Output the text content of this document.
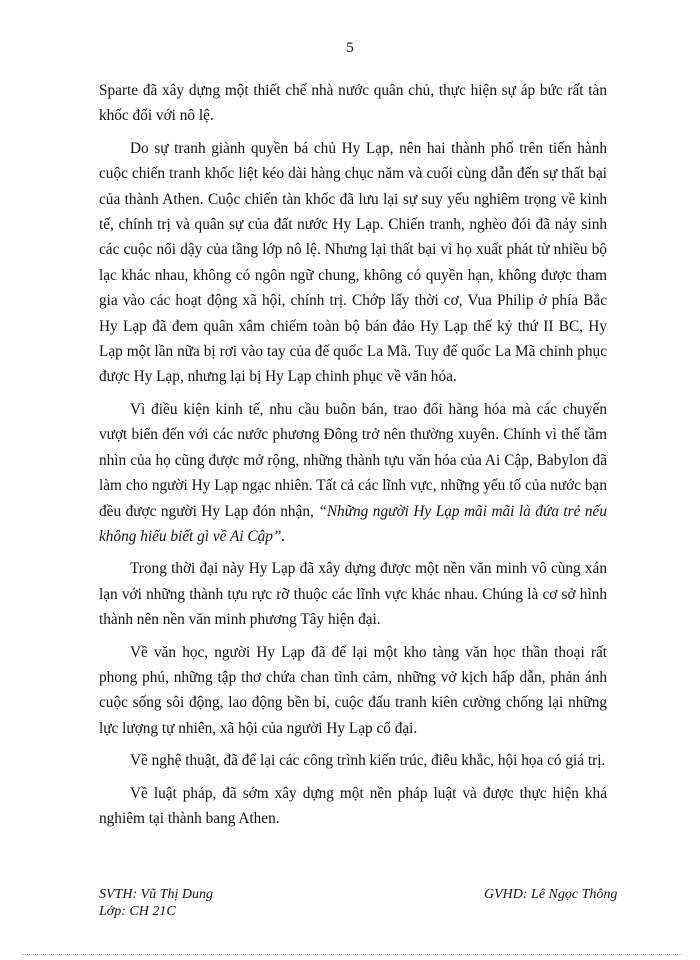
5

Sparte đã xây dựng một thiết chế nhà nước quân chủ, thực hiện sự áp bức rất tàn khốc đối với nô lệ.

Do sự tranh giành quyền bá chủ Hy Lạp, nên hai thành phố trên tiến hành cuộc chiến tranh khốc liệt kéo dài hàng chục năm và cuối cùng dẫn đến sự thất bại của thành Athen. Cuộc chiến tàn khốc đã lưu lại sự suy yếu nghiêm trọng về kinh tế, chính trị và quân sự của đất nước Hy Lạp. Chiến tranh, nghèo đói đã nảy sinh các cuộc nổi dậy của tầng lớp nô lệ. Nhưng lại thất bại vì họ xuất phát từ nhiều bộ lạc khác nhau, không có ngôn ngữ chung, không có quyền hạn, không được tham gia vào các hoạt động xã hội, chính trị. Chớp lấy thời cơ, Vua Philip ở phía Bắc Hy Lạp đã đem quân xâm chiếm toàn bộ bán đảo Hy Lạp thế kỷ thứ II BC, Hy Lạp một lần nữa bị rơi vào tay của đế quốc La Mã. Tuy đế quốc La Mã chinh phục được Hy Lạp, nhưng lại bị Hy Lạp chinh phục về văn hóa.

Vì điều kiện kinh tế, nhu cầu buôn bán, trao đổi hàng hóa mà các chuyến vượt biển đến với các nước phương Đông trở nên thường xuyên. Chính vì thế tầm nhìn của họ cũng được mở rộng, những thành tựu văn hóa của Ai Cập, Babylon đã làm cho người Hy Lạp ngạc nhiên. Tất cả các lĩnh vực, những yếu tố của nước bạn đều được người Hy Lạp đón nhận, “Những người Hy Lạp mãi mãi là đứa trẻ nếu không hiểu biết gì về Ai Cập”.

Trong thời đại này Hy Lạp đã xây dựng được một nền văn minh vô cùng xán lạn với những thành tựu rực rỡ thuộc các lĩnh vực khác nhau. Chúng là cơ sở hình thành nên nền văn minh phương Tây hiện đại.

Về văn học, người Hy Lạp đã để lại một kho tàng văn học thần thoại rất phong phú, những tập thơ chứa chan tình cảm, những vở kịch hấp dẫn, phản ánh cuộc sống sôi động, lao động bền bỉ, cuộc đấu tranh kiên cường chống lại những lực lượng tự nhiên, xã hội của người Hy Lạp cổ đại.

Về nghệ thuật, đã để lại các công trình kiến trúc, điêu khắc, hội họa có giá trị.

Về luật pháp, đã sớm xây dựng một nền pháp luật và được thực hiện khá nghiêm tại thành bang Athen.

SVTH: Vũ Thị Dung
Lớp: CH 21C
GVHD: Lê Ngọc Thông
